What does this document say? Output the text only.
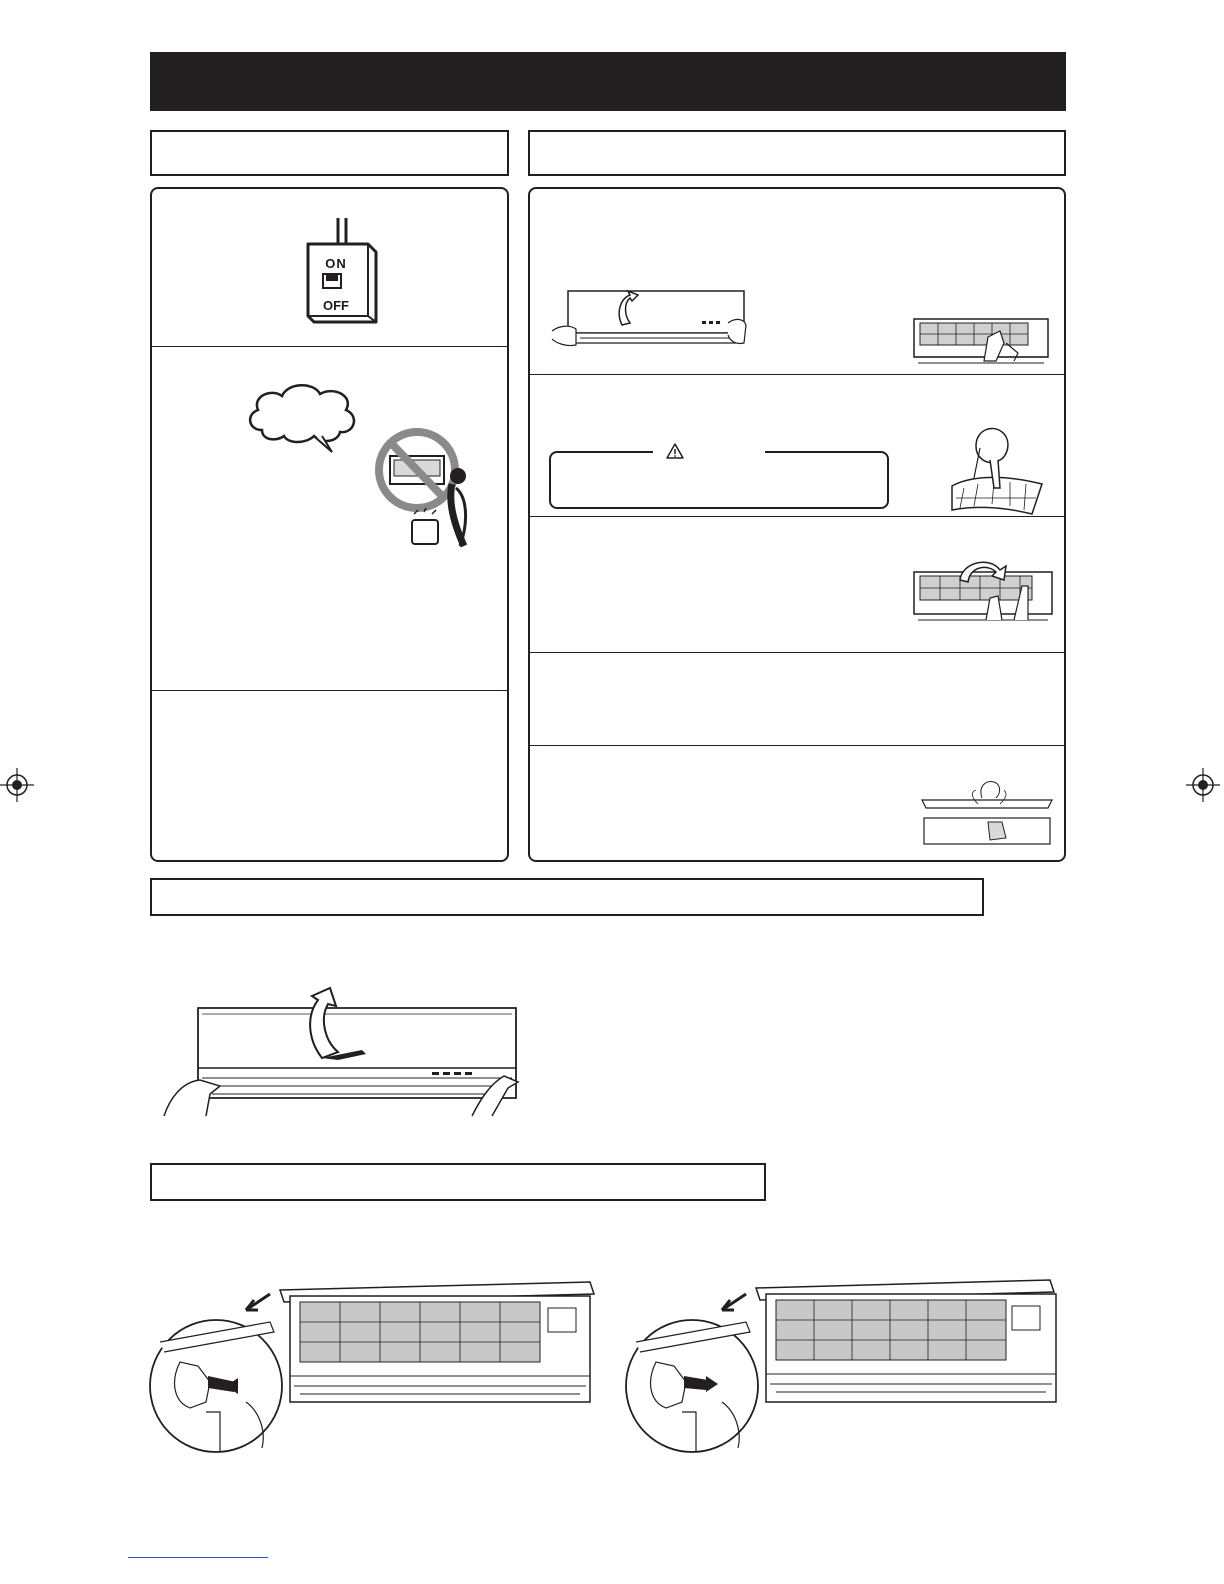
ON
OFF
